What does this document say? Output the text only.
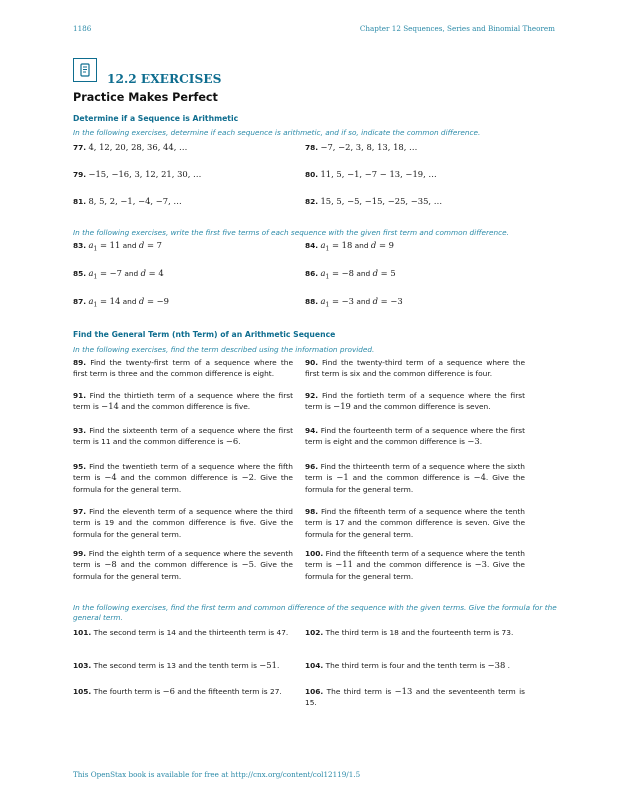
1186	Chapter 12 Sequences, Series and Binomial Theorem
12.2 EXERCISES
Practice Makes Perfect
Determine if a Sequence is Arithmetic
In the following exercises, determine if each sequence is arithmetic, and if so, indicate the common difference.
77. 4, 12, 20, 28, 36, 44, …	78. −7, −2, 3, 8, 13, 18, …
79. −15, −16, 3, 12, 21, 30, …	80. 11, 5, −1, −7 − 13, −19, …
81. 8, 5, 2, −1, −4, −7, …	82. 15, 5, −5, −15, −25, −35, …
In the following exercises, write the first five terms of each sequence with the given first term and common difference.
83. $a_1 = 11$ and d = 7	84. $a_1 = 18$ and d = 9
85. $a_1 = -7$ and d = 4	86. $a_1 = -8$ and d = 5
87. $a_1 = 14$ and d = −9	88. $a_1 = -3$ and d = −3
Find the General Term (nth Term) of an Arithmetic Sequence
In the following exercises, find the term described using the information provided.
89. Find the twenty-first term of a sequence where the first term is three and the common difference is eight.
90. Find the twenty-third term of a sequence where the first term is six and the common difference is four.
91. Find the thirtieth term of a sequence where the first term is −14 and the common difference is five.
92. Find the fortieth term of a sequence where the first term is −19 and the common difference is seven.
93. Find the sixteenth term of a sequence where the first term is 11 and the common difference is −6.
94. Find the fourteenth term of a sequence where the first term is eight and the common difference is −3.
95. Find the twentieth term of a sequence where the fifth term is −4 and the common difference is −2. Give the formula for the general term.
96. Find the thirteenth term of a sequence where the sixth term is −1 and the common difference is −4. Give the formula for the general term.
97. Find the eleventh term of a sequence where the third term is 19 and the common difference is five. Give the formula for the general term.
98. Find the fifteenth term of a sequence where the tenth term is 17 and the common difference is seven. Give the formula for the general term.
99. Find the eighth term of a sequence where the seventh term is −8 and the common difference is −5. Give the formula for the general term.
100. Find the fifteenth term of a sequence where the tenth term is −11 and the common difference is −3. Give the formula for the general term.
In the following exercises, find the first term and common difference of the sequence with the given terms. Give the formula for the general term.
101. The second term is 14 and the thirteenth term is 47.	102. The third term is 18 and the fourteenth term is 73.
103. The second term is 13 and the tenth term is −51.	104. The third term is four and the tenth term is −38 .
105. The fourth term is −6 and the fifteenth term is 27.	106. The third term is −13 and the seventeenth term is 15.
This OpenStax book is available for free at http://cnx.org/content/col12119/1.5
